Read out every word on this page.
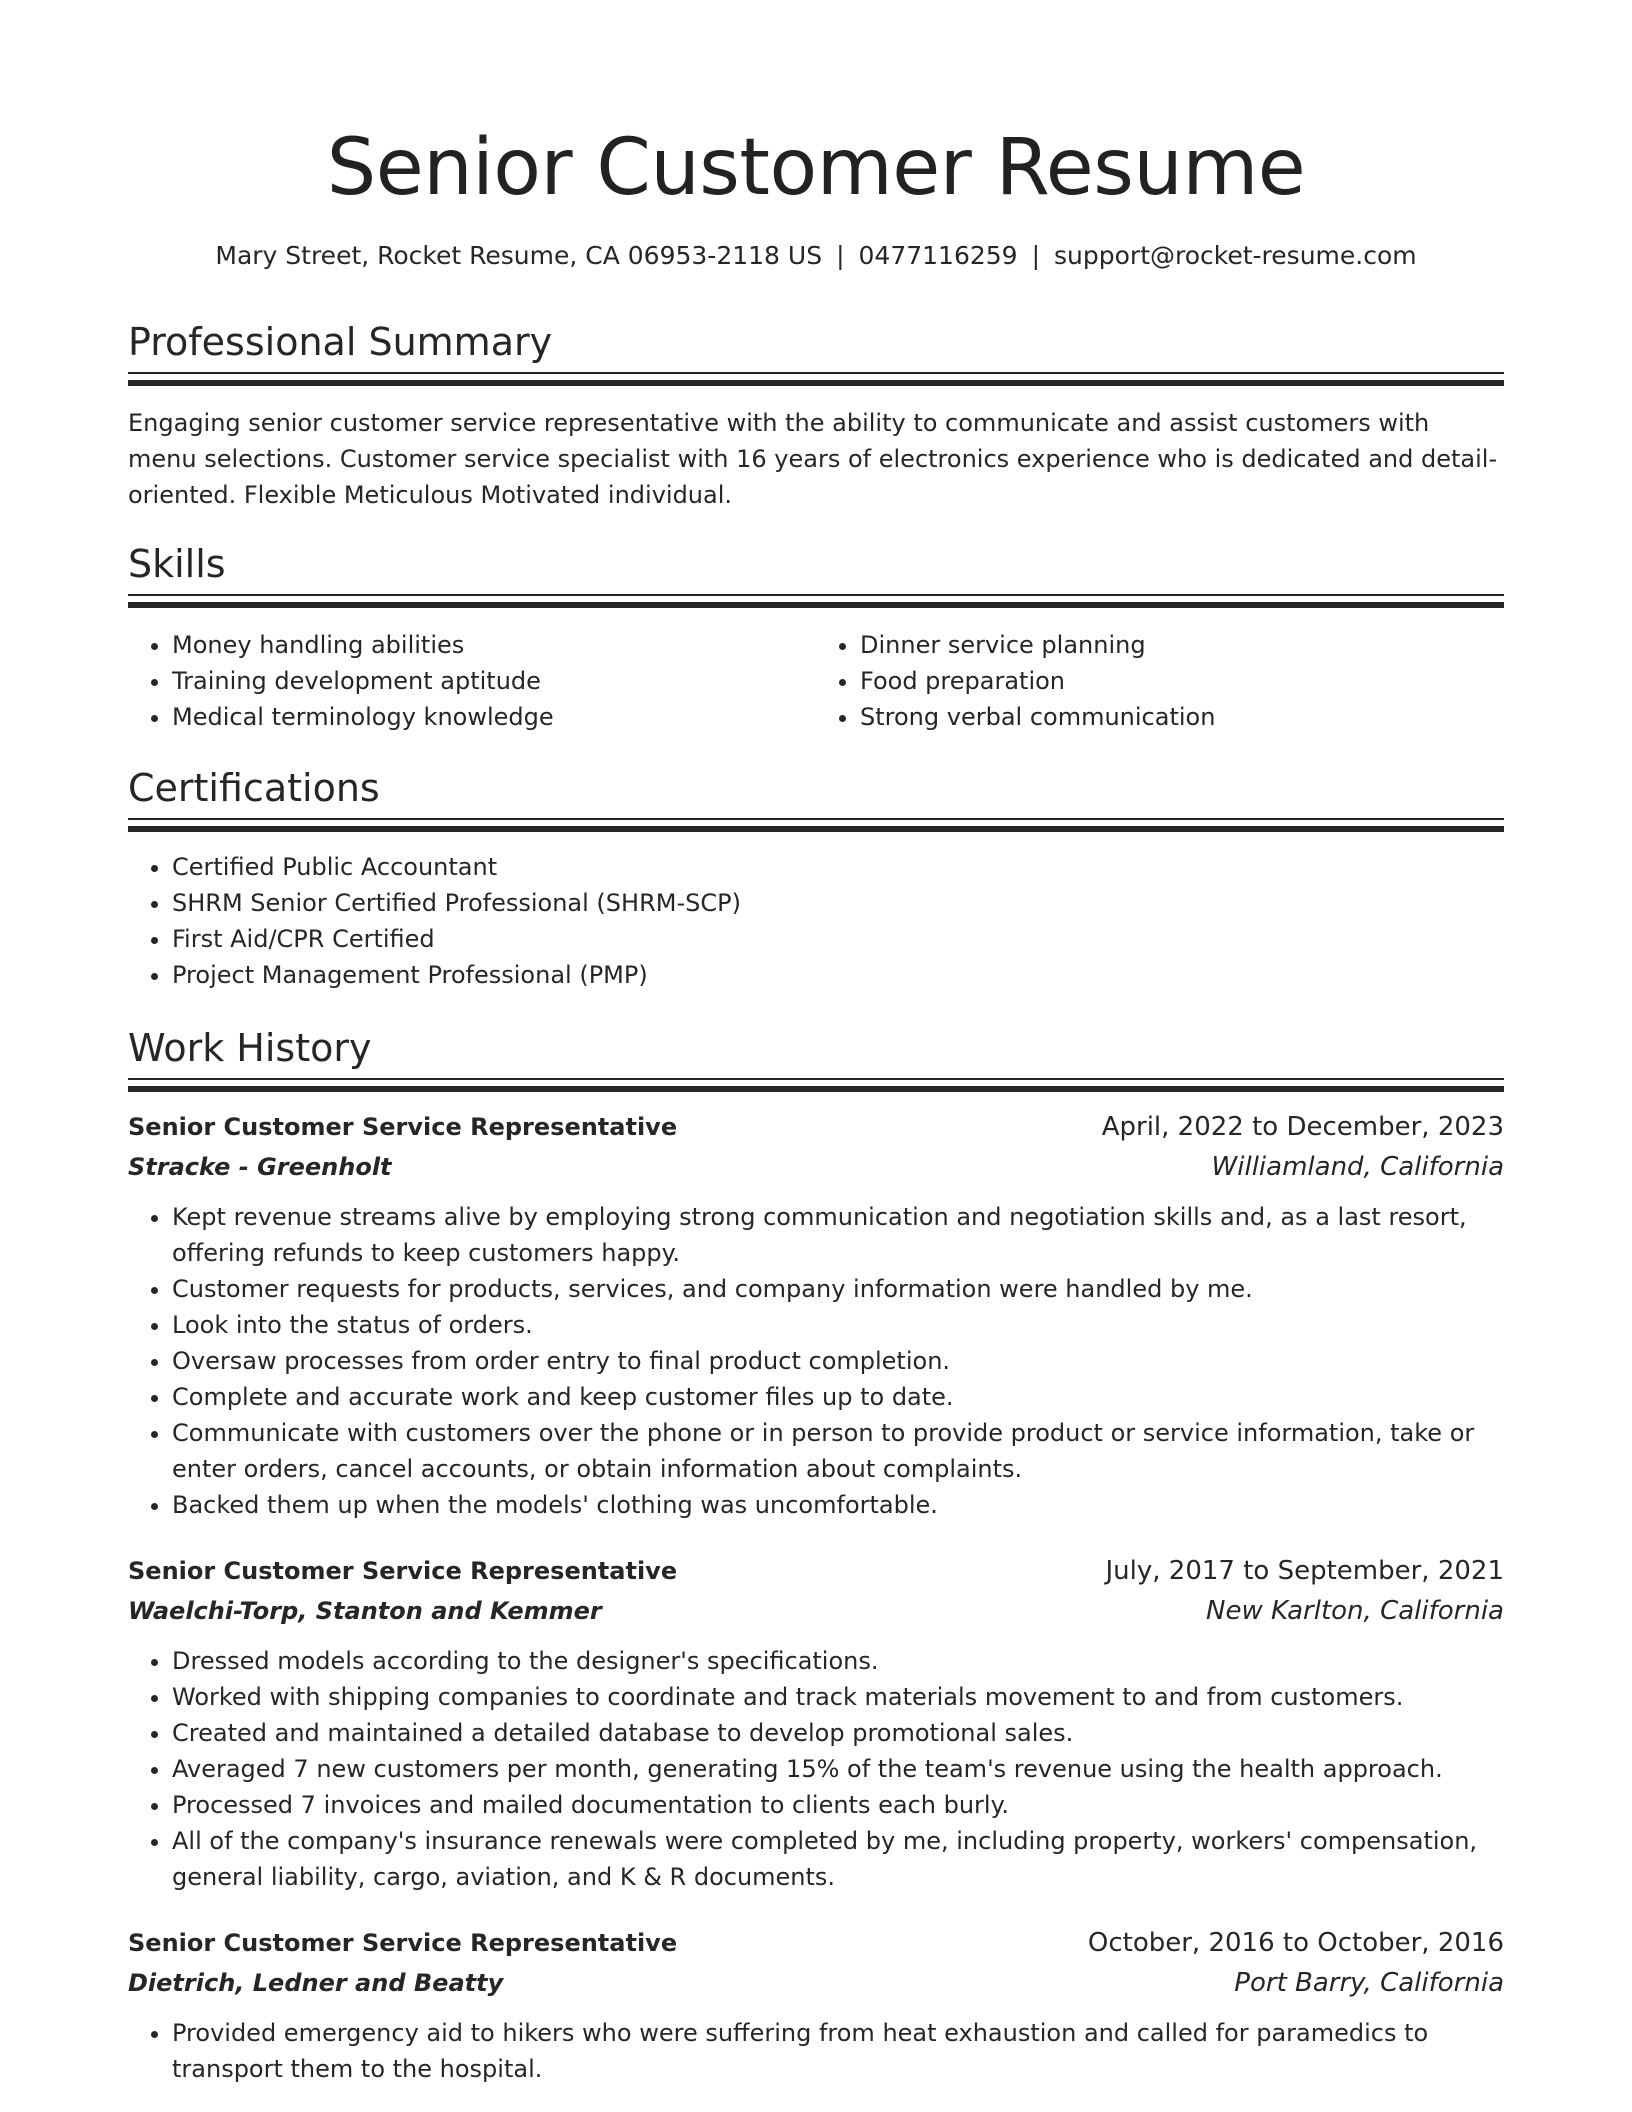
Senior Customer Resume
Mary Street, Rocket Resume, CA 06953-2118 US | 0477116259 | support@rocket-resume.com
Professional Summary

Engaging senior customer service representative with the ability to communicate and assist customers with menu selections. Customer service specialist with 16 years of electronics experience who is dedicated and detail-oriented. Flexible Meticulous Motivated individual.

Skills
• Money handling abilities
• Training development aptitude
• Medical terminology knowledge
• Dinner service planning
• Food preparation
• Strong verbal communication
Certifications
• Certified Public Accountant
• SHRM Senior Certified Professional (SHRM-SCP)
• First Aid/CPR Certified
• Project Management Professional (PMP)
Work History
Senior Customer Service Representative	April, 2022 to December, 2023
Stracke - Greenholt	Williamland, California
• Kept revenue streams alive by employing strong communication and negotiation skills and, as a last resort, offering refunds to keep customers happy.
• Customer requests for products, services, and company information were handled by me.
• Look into the status of orders.
• Oversaw processes from order entry to final product completion.
• Complete and accurate work and keep customer files up to date.
• Communicate with customers over the phone or in person to provide product or service information, take or enter orders, cancel accounts, or obtain information about complaints.
• Backed them up when the models' clothing was uncomfortable.
Senior Customer Service Representative	July, 2017 to September, 2021
Waelchi-Torp, Stanton and Kemmer	New Karlton, California
• Dressed models according to the designer's specifications.
• Worked with shipping companies to coordinate and track materials movement to and from customers.
• Created and maintained a detailed database to develop promotional sales.
• Averaged 7 new customers per month, generating 15% of the team's revenue using the health approach.
• Processed 7 invoices and mailed documentation to clients each burly.
• All of the company's insurance renewals were completed by me, including property, workers' compensation, general liability, cargo, aviation, and K & R documents.
Senior Customer Service Representative	October, 2016 to October, 2016
Dietrich, Ledner and Beatty	Port Barry, California
• Provided emergency aid to hikers who were suffering from heat exhaustion and called for paramedics to transport them to the hospital.
